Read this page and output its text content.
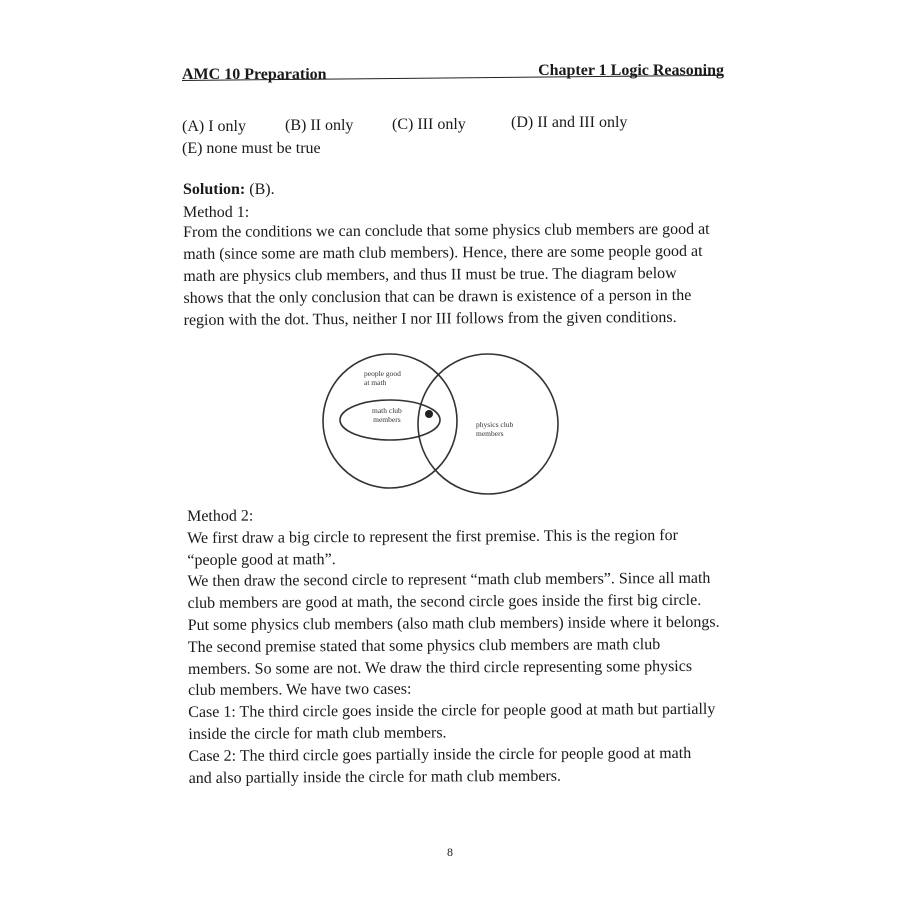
AMC 10 Preparation	Chapter 1 Logic Reasoning
(A) I only (B) II only (C) III only	(D) II and III only
(E) none must be true
Solution: (B).
Method 1:
From the conditions we can conclude that some physics club members are good at
math (since some are math club members). Hence, there are some people good at
math are physics club members, and thus II must be true. The diagram below
shows that the only conclusion that can be drawn is existence of a person in the
region with the dot. Thus, neither I nor III follows from the given conditions.
people good
at math
math club
members
physics club
members
Method 2:
We first draw a big circle to represent the first premise. This is the region for
“people good at math”.
We then draw the second circle to represent “math club members”. Since all math
club members are good at math, the second circle goes inside the first big circle.
Put some physics club members (also math club members) inside where it belongs.
The second premise stated that some physics club members are math club
members. So some are not. We draw the third circle representing some physics
club members. We have two cases:
Case 1: The third circle goes inside the circle for people good at math but partially
inside the circle for math club members.
Case 2: The third circle goes partially inside the circle for people good at math
and also partially inside the circle for math club members.
8
